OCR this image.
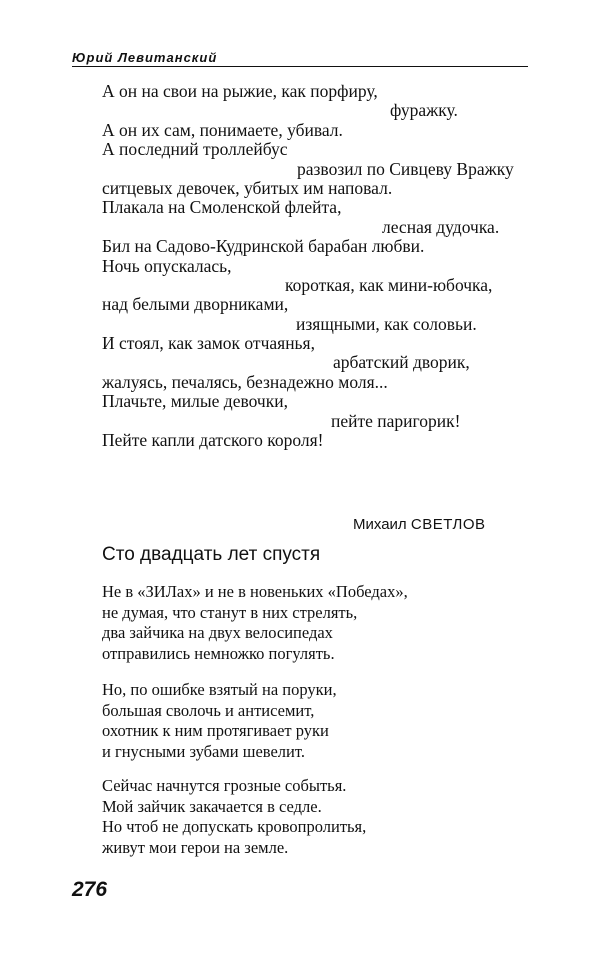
Юрий Левитанский
А он на свои на рыжие, как порфиру,
фуражку.
А он их сам, понимаете, убивал.
А последний троллейбус
развозил по Сивцеву Вражку
ситцевых девочек, убитых им наповал.
Плакала на Смоленской флейта,
лесная дудочка.
Бил на Садово-Кудринской барабан любви.
Ночь опускалась,
короткая, как мини-юбочка,
над белыми дворниками,
изящными, как соловьи.
И стоял, как замок отчаянья,
арбатский дворик,
жалуясь, печалясь, безнадежно моля...
Плачьте, милые девочки,
пейте паригорик!
Пейте капли датского короля!
Михаил СВЕТЛОВ
Сто двадцать лет спустя
Не в «ЗИЛах» и не в новеньких «Победах»,
не думая, что станут в них стрелять,
два зайчика на двух велосипедах
отправились немножко погулять.
Но, по ошибке взятый на поруки,
большая сволочь и антисемит,
охотник к ним протягивает руки
и гнусными зубами шевелит.
Сейчас начнутся грозные событья.
Мой зайчик закачается в седле.
Но чтоб не допускать кровопролитья,
живут мои герои на земле.
276
